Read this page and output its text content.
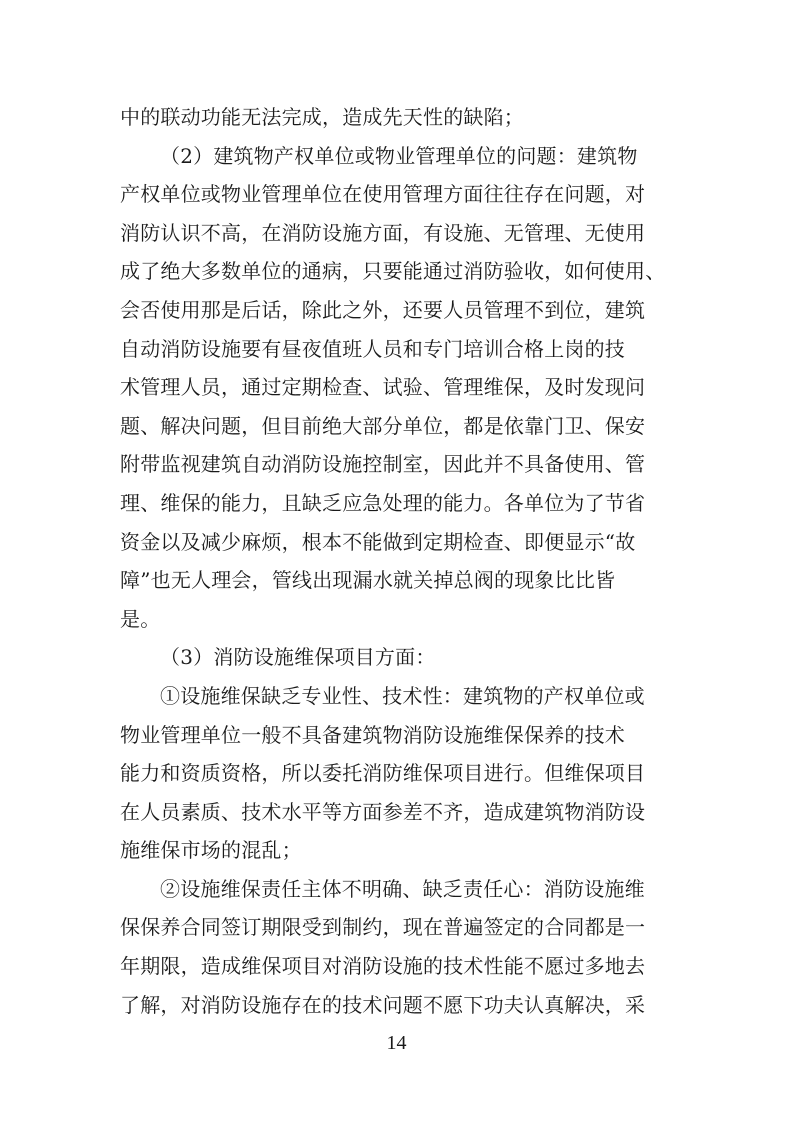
中的联动功能无法完成，造成先天性的缺陷；
（2）建筑物产权单位或物业管理单位的问题：建筑物
产权单位或物业管理单位在使用管理方面往往存在问题，对
消防认识不高，在消防设施方面，有设施、无管理、无使用
成了绝大多数单位的通病，只要能通过消防验收，如何使用、
会否使用那是后话，除此之外，还要人员管理不到位，建筑
自动消防设施要有昼夜值班人员和专门培训合格上岗的技
术管理人员，通过定期检查、试验、管理维保，及时发现问
题、解决问题，但目前绝大部分单位，都是依靠门卫、保安
附带监视建筑自动消防设施控制室，因此并不具备使用、管
理、维保的能力，且缺乏应急处理的能力。各单位为了节省
资金以及减少麻烦，根本不能做到定期检查、即便显示“故
障”也无人理会，管线出现漏水就关掉总阀的现象比比皆
是。
（3）消防设施维保项目方面：
①设施维保缺乏专业性、技术性：建筑物的产权单位或
物业管理单位一般不具备建筑物消防设施维保保养的技术
能力和资质资格，所以委托消防维保项目进行。但维保项目
在人员素质、技术水平等方面参差不齐，造成建筑物消防设
施维保市场的混乱；
②设施维保责任主体不明确、缺乏责任心：消防设施维
保保养合同签订期限受到制约，现在普遍签定的合同都是一
年期限，造成维保项目对消防设施的技术性能不愿过多地去
了解，对消防设施存在的技术问题不愿下功夫认真解决，采
14
